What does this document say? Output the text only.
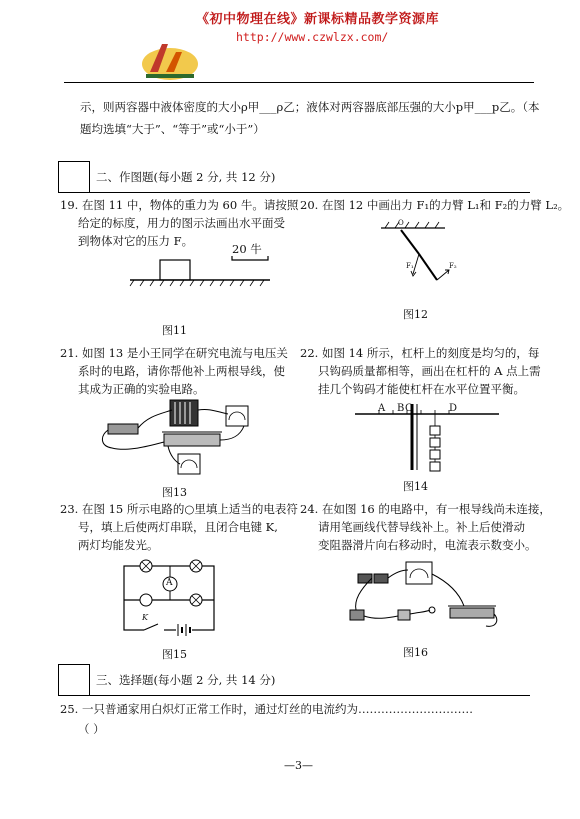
《初中物理在线》新课标精品教学资源库
http://www.czwlzx.com/
示，则两容器中液体密度的大小ρ甲___ρ乙；液体对两容器底部压强的大小p甲___p乙。（本
题均选填“大于”、“等于”或“小于”）
二、作图题(每小题 2 分, 共 12 分)
19. 在图 11 中，物体的重力为 60 牛。请按照
给定的标度，用力的图示法画出水平面受
到物体对它的压力 F。
20 牛
图11
20. 在图 12 中画出力 F₁的力臂 L₁和 F₂的力臂 L₂。
O
F₁	F₂
图12
21. 如图 13 是小王同学在研究电流与电压关
系时的电路，请你帮他补上两根导线，使
其成为正确的实验电路。
图13
22. 如图 14 所示，杠杆上的刻度是均匀的，每
只钩码质量都相等，画出在杠杆的 A 点上需
挂几个钩码才能使杠杆在水平位置平衡。
A B C	D
图14
23. 在图 15 所示电路的○里填上适当的电表符
号，填上后使两灯串联，且闭合电键 K,
两灯均能发光。
A
K
图15
24. 在如图 16 的电路中，有一根导线尚未连接，
请用笔画线代替导线补上。补上后使滑动
变阻器滑片向右移动时，电流表示数变小。
图16
三、选择题(每小题 2 分, 共 14 分)
25. 一只普通家用白炽灯正常工作时，通过灯丝的电流约为…………………………
（ ）
—3—
